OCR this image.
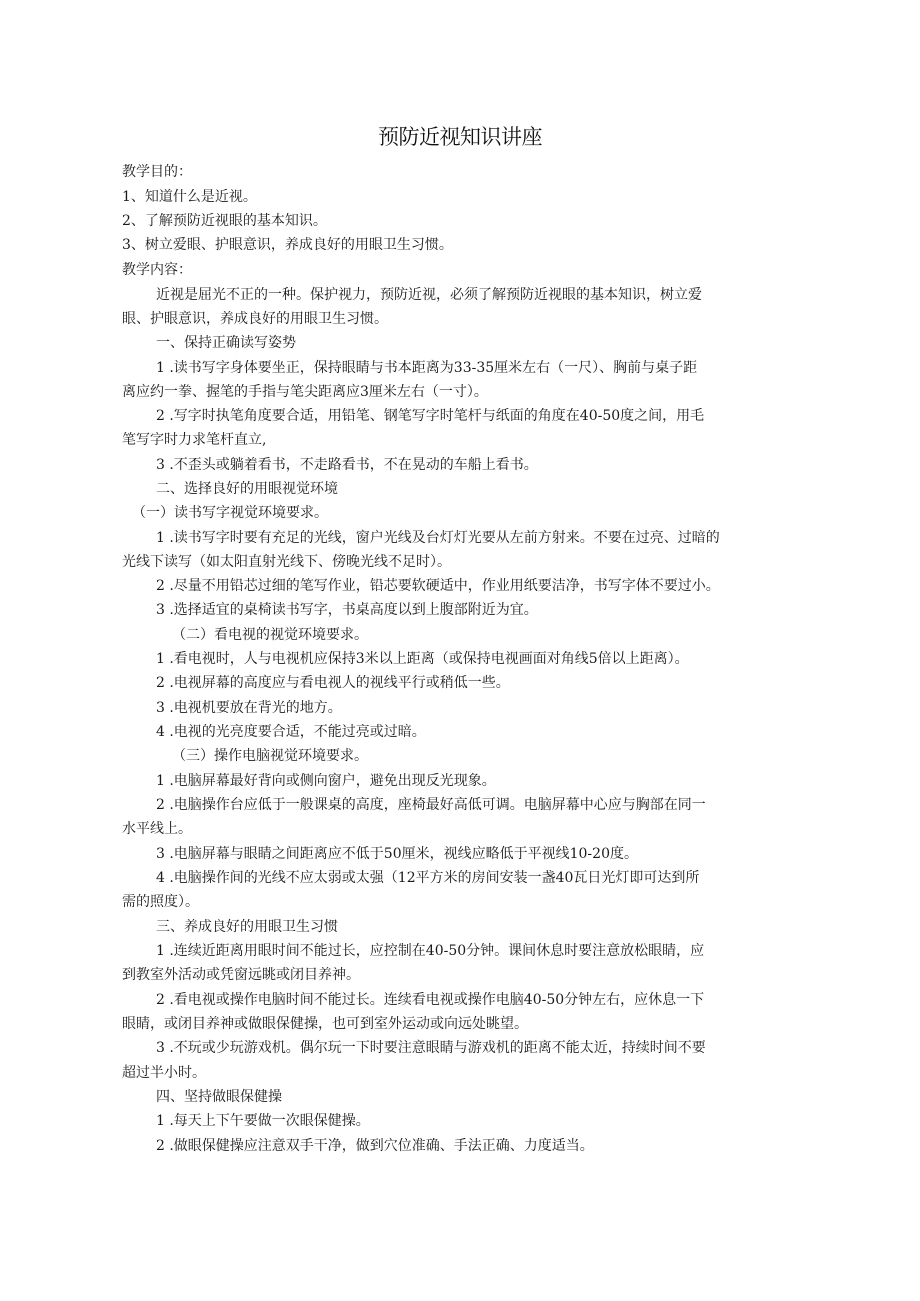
预防近视知识讲座
教学目的：
1、知道什么是近视。
2、了解预防近视眼的基本知识。
3、树立爱眼、护眼意识，养成良好的用眼卫生习惯。
教学内容：
近视是屈光不正的一种。保护视力，预防近视，必须了解预防近视眼的基本知识，树立爱
眼、护眼意识，养成良好的用眼卫生习惯。
一、保持正确读写姿势
1 .读书写字身体要坐正，保持眼睛与书本距离为33-35厘米左右（一尺）、胸前与桌子距
离应约一拳、握笔的手指与笔尖距离应3厘米左右（一寸）。
2 .写字时执笔角度要合适，用铅笔、钢笔写字时笔杆与纸面的角度在40-50度之间，用毛
笔写字时力求笔杆直立,
3 .不歪头或躺着看书，不走路看书，不在晃动的车船上看书。
二、选择良好的用眼视觉环境
（一）读书写字视觉环境要求。
1 .读书写字时要有充足的光线，窗户光线及台灯灯光要从左前方射来。不要在过亮、过暗的
光线下读写（如太阳直射光线下、傍晚光线不足时）。
2 .尽量不用铅芯过细的笔写作业，铅芯要软硬适中，作业用纸要洁净，书写字体不要过小。
3 .选择适宜的桌椅读书写字，书桌高度以到上腹部附近为宜。
（二）看电视的视觉环境要求。
1 .看电视时，人与电视机应保持3米以上距离（或保持电视画面对角线5倍以上距离）。
2 .电视屏幕的高度应与看电视人的视线平行或稍低一些。
3 .电视机要放在背光的地方。
4 .电视的光亮度要合适，不能过亮或过暗。
（三）操作电脑视觉环境要求。
1 .电脑屏幕最好背向或侧向窗户，避免出现反光现象。
2 .电脑操作台应低于一般课桌的高度，座椅最好高低可调。电脑屏幕中心应与胸部在同一
水平线上。
3 .电脑屏幕与眼睛之间距离应不低于50厘米，视线应略低于平视线10-20度。
4 .电脑操作间的光线不应太弱或太强（12平方米的房间安装一盏40瓦日光灯即可达到所
需的照度）。
三、养成良好的用眼卫生习惯
1 .连续近距离用眼时间不能过长，应控制在40-50分钟。课间休息时要注意放松眼睛，应
到教室外活动或凭窗远眺或闭目养神。
2 .看电视或操作电脑时间不能过长。连续看电视或操作电脑40-50分钟左右，应休息一下
眼睛，或闭目养神或做眼保健操，也可到室外运动或向远处眺望。
3 .不玩或少玩游戏机。偶尔玩一下时要注意眼睛与游戏机的距离不能太近，持续时间不要
超过半小时。
四、坚持做眼保健操
1 .每天上下午要做一次眼保健操。
2 .做眼保健操应注意双手干净，做到穴位准确、手法正确、力度适当。
